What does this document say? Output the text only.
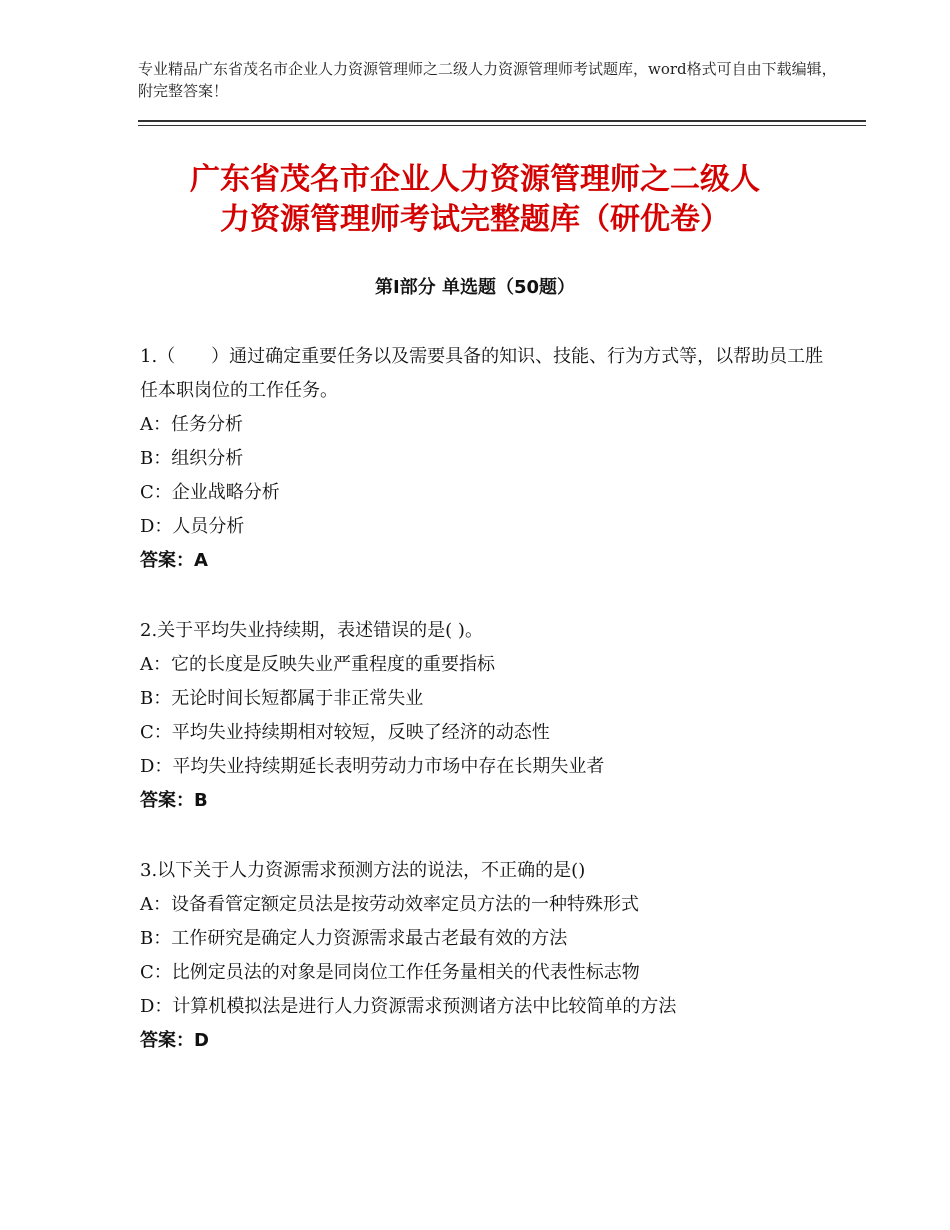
专业精品广东省茂名市企业人力资源管理师之二级人力资源管理师考试题库，word格式可自由下载编辑，附完整答案！
广东省茂名市企业人力资源管理师之二级人
力资源管理师考试完整题库（研优卷）
第Ⅰ部分 单选题（50题）
1.（　　）通过确定重要任务以及需要具备的知识、技能、行为方式等，以帮助员工胜任本职岗位的工作任务。
A：任务分析
B：组织分析
C：企业战略分析
D：人员分析
答案：A
2.关于平均失业持续期，表述错误的是( )。
A：它的长度是反映失业严重程度的重要指标
B：无论时间长短都属于非正常失业
C：平均失业持续期相对较短，反映了经济的动态性
D：平均失业持续期延长表明劳动力市场中存在长期失业者
答案：B
3.以下关于人力资源需求预测方法的说法，不正确的是()
A：设备看管定额定员法是按劳动效率定员方法的一种特殊形式
B：工作研究是确定人力资源需求最古老最有效的方法
C：比例定员法的对象是同岗位工作任务量相关的代表性标志物
D：计算机模拟法是进行人力资源需求预测诸方法中比较简单的方法
答案：D
